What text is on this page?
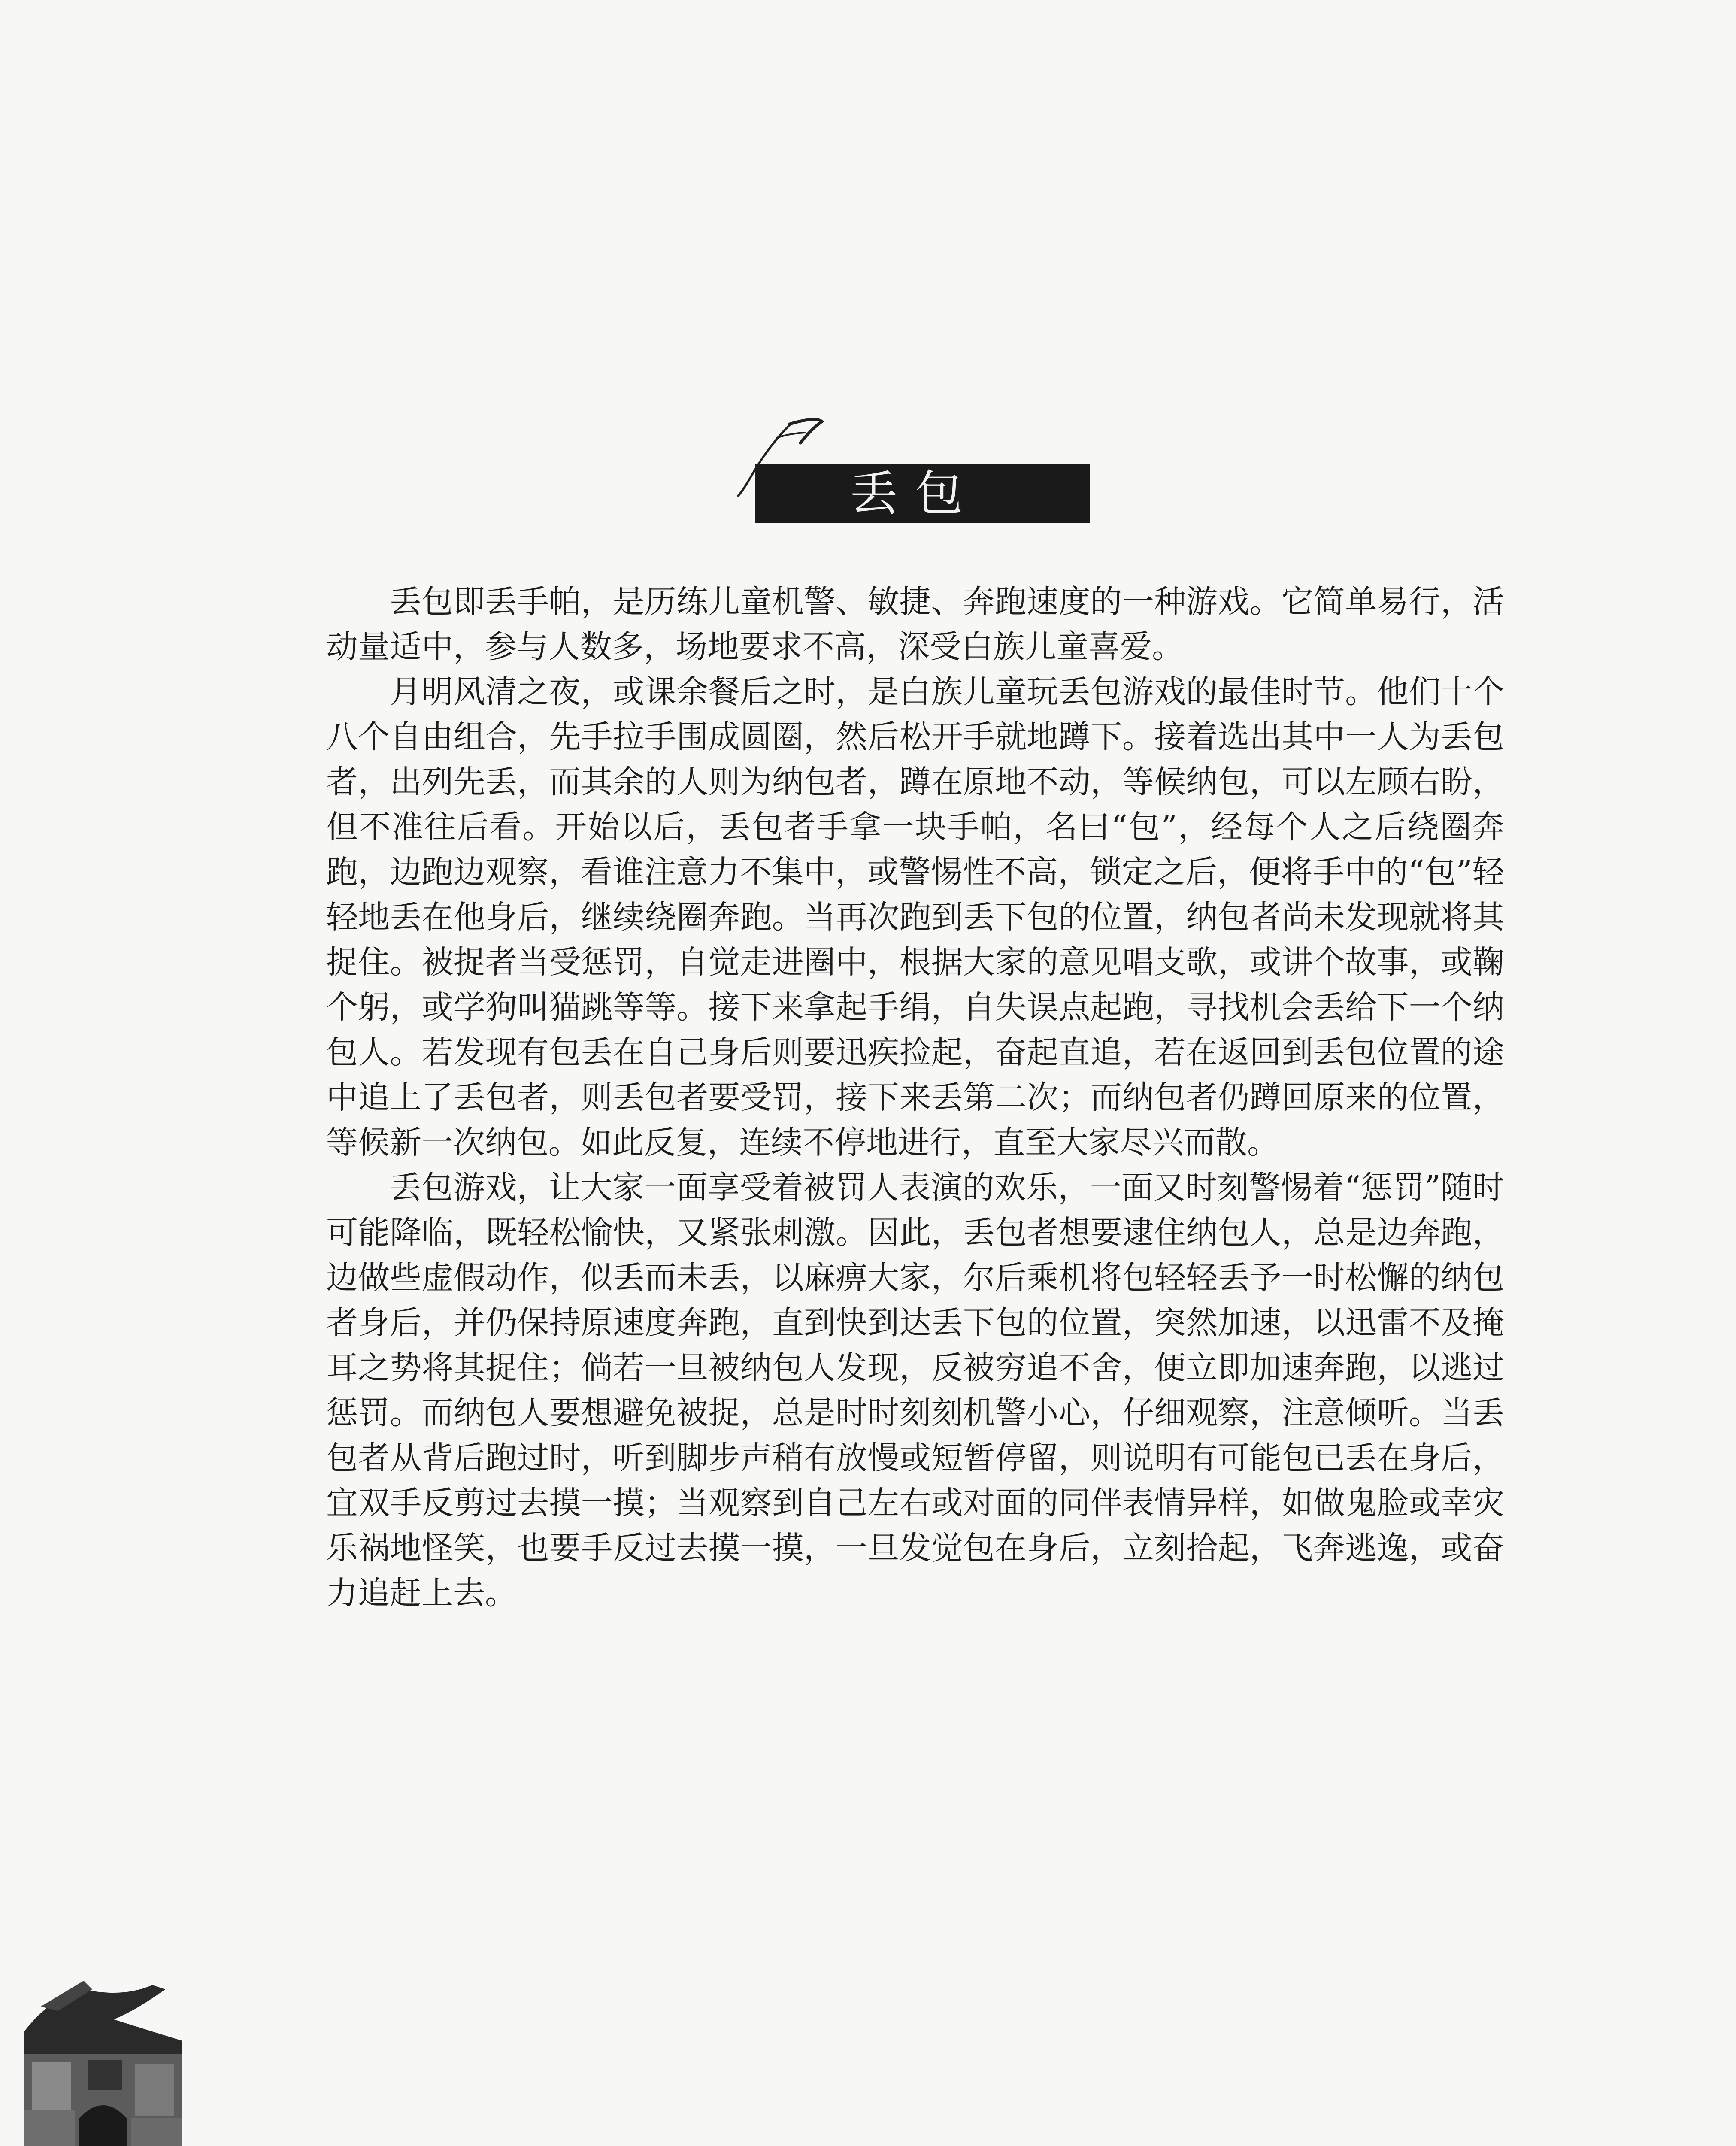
丢包

丢包即丢手帕，是历练儿童机警、敏捷、奔跑速度的一种游戏。它简单易行，活动量适中，参与人数多，场地要求不高，深受白族儿童喜爱。

月明风清之夜，或课余餐后之时，是白族儿童玩丢包游戏的最佳时节。他们十个八个自由组合，先手拉手围成圆圈，然后松开手就地蹲下。接着选出其中一人为丢包者，出列先丢，而其余的人则为纳包者，蹲在原地不动，等候纳包，可以左顾右盼，但不准往后看。开始以后，丢包者手拿一块手帕，名曰“包”，经每个人之后绕圈奔跑，边跑边观察，看谁注意力不集中，或警惕性不高，锁定之后，便将手中的“包”轻轻地丢在他身后，继续绕圈奔跑。当再次跑到丢下包的位置，纳包者尚未发现就将其捉住。被捉者当受惩罚，自觉走进圈中，根据大家的意见唱支歌，或讲个故事，或鞠个躬，或学狗叫猫跳等等。接下来拿起手绢，自失误点起跑，寻找机会丢给下一个纳包人。若发现有包丢在自己身后则要迅疾捡起，奋起直追，若在返回到丢包位置的途中追上了丢包者，则丢包者要受罚，接下来丢第二次；而纳包者仍蹲回原来的位置，等候新一次纳包。如此反复，连续不停地进行，直至大家尽兴而散。

丢包游戏，让大家一面享受着被罚人表演的欢乐，一面又时刻警惕着“惩罚”随时可能降临，既轻松愉快，又紧张刺激。因此，丢包者想要逮住纳包人，总是边奔跑，边做些虚假动作，似丢而未丢，以麻痹大家，尔后乘机将包轻轻丢予一时松懈的纳包者身后，并仍保持原速度奔跑，直到快到达丢下包的位置，突然加速，以迅雷不及掩耳之势将其捉住；倘若一旦被纳包人发现，反被穷追不舍，便立即加速奔跑，以逃过惩罚。而纳包人要想避免被捉，总是时时刻刻机警小心，仔细观察，注意倾听。当丢包者从背后跑过时，听到脚步声稍有放慢或短暂停留，则说明有可能包已丢在身后，宜双手反剪过去摸一摸；当观察到自己左右或对面的同伴表情异样，如做鬼脸或幸灾乐祸地怪笑，也要手反过去摸一摸，一旦发觉包在身后，立刻拾起，飞奔逃逸，或奋力追赶上去。
